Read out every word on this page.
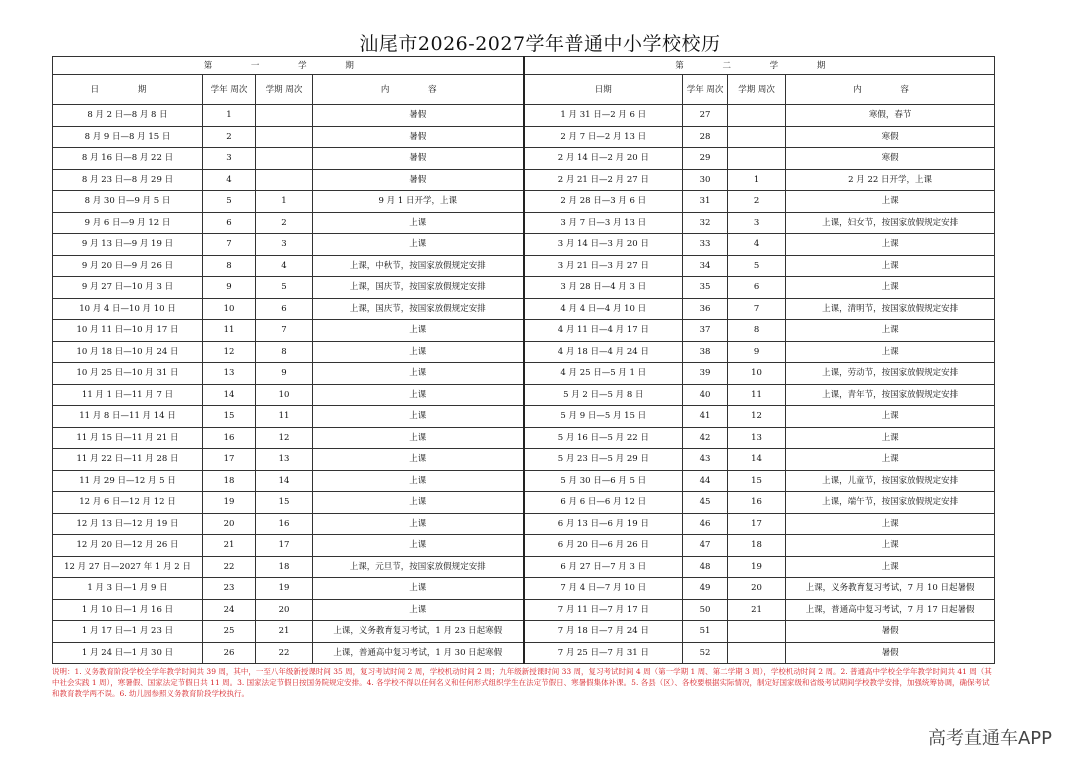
汕尾市2026-2027学年普通中小学校校历
第 一 学 期				第 二 学 期			
日 期	学年 周次	学期 周次	内 容	日期	学年 周次	学期 周次	内 容
8 月 2 日—8 月 8 日	1		暑假	1 月 31 日—2 月 6 日	27		寒假，春节
8 月 9 日—8 月 15 日	2		暑假	2 月 7 日—2 月 13 日	28		寒假
8 月 16 日—8 月 22 日	3		暑假	2 月 14 日—2 月 20 日	29		寒假
8 月 23 日—8 月 29 日	4		暑假	2 月 21 日—2 月 27 日	30	1	2 月 22 日开学，上课
8 月 30 日—9 月 5 日	5	1	9 月 1 日开学，上课	2 月 28 日—3 月 6 日	31	2	上课
9 月 6 日—9 月 12 日	6	2	上课	3 月 7 日—3 月 13 日	32	3	上课，妇女节，按国家放假规定安排
9 月 13 日—9 月 19 日	7	3	上课	3 月 14 日—3 月 20 日	33	4	上课
9 月 20 日—9 月 26 日	8	4	上课，中秋节，按国家放假规定安排	3 月 21 日—3 月 27 日	34	5	上课
9 月 27 日—10 月 3 日	9	5	上课，国庆节，按国家放假规定安排	3 月 28 日—4 月 3 日	35	6	上课
10 月 4 日—10 月 10 日	10	6	上课，国庆节，按国家放假规定安排	4 月 4 日—4 月 10 日	36	7	上课，清明节，按国家放假规定安排
10 月 11 日—10 月 17 日	11	7	上课	4 月 11 日—4 月 17 日	37	8	上课
10 月 18 日—10 月 24 日	12	8	上课	4 月 18 日—4 月 24 日	38	9	上课
10 月 25 日—10 月 31 日	13	9	上课	4 月 25 日—5 月 1 日	39	10	上课，劳动节，按国家放假规定安排
11 月 1 日—11 月 7 日	14	10	上课	5 月 2 日—5 月 8 日	40	11	上课，青年节，按国家放假规定安排
11 月 8 日—11 月 14 日	15	11	上课	5 月 9 日—5 月 15 日	41	12	上课
11 月 15 日—11 月 21 日	16	12	上课	5 月 16 日—5 月 22 日	42	13	上课
11 月 22 日—11 月 28 日	17	13	上课	5 月 23 日—5 月 29 日	43	14	上课
11 月 29 日—12 月 5 日	18	14	上课	5 月 30 日—6 月 5 日	44	15	上课，儿童节，按国家放假规定安排
12 月 6 日—12 月 12 日	19	15	上课	6 月 6 日—6 月 12 日	45	16	上课，端午节，按国家放假规定安排
12 月 13 日—12 月 19 日	20	16	上课	6 月 13 日—6 月 19 日	46	17	上课
12 月 20 日—12 月 26 日	21	17	上课	6 月 20 日—6 月 26 日	47	18	上课
12 月 27 日—2027 年 1 月 2 日	22	18	上课，元旦节，按国家放假规定安排	6 月 27 日—7 月 3 日	48	19	上课
1 月 3 日—1 月 9 日	23	19	上课	7 月 4 日—7 月 10 日	49	20	上课，义务教育复习考试，7 月 10 日起暑假
1 月 10 日—1 月 16 日	24	20	上课	7 月 11 日—7 月 17 日	50	21	上课，普通高中复习考试，7 月 17 日起暑假
1 月 17 日—1 月 23 日	25	21	上课，义务教育复习考试，1 月 23 日起寒假	7 月 18 日—7 月 24 日	51		暑假
1 月 24 日—1 月 30 日	26	22	上课，普通高中复习考试，1 月 30 日起寒假	7 月 25 日—7 月 31 日	52		暑假
说明：1. 义务教育阶段学校全学年教学时间共 39 周，其中，一至八年级新授课时间 35 周，复习考试时间 2 周，学校机动时间 2 周；九年级新授课时间 33 周，复习考试时间 4 周（第一学期 1 周、第二学期 3 周），学校机动时间 2 周。2. 普通高中学校全学年教学时间共 41 周（其中社会实践 1 周），寒暑假、国家法定节假日共 11 周。3. 国家法定节假日按国务院规定安排。4. 各学校不得以任何名义和任何形式组织学生在法定节假日、寒暑假集体补课。5. 各县（区）、各校要根据实际情况，制定好国家级和省级考试期间学校教学安排，加强统筹协调，确保考试和教育教学两不误。6. 幼儿园参照义务教育阶段学校执行。
高考直通车APP
